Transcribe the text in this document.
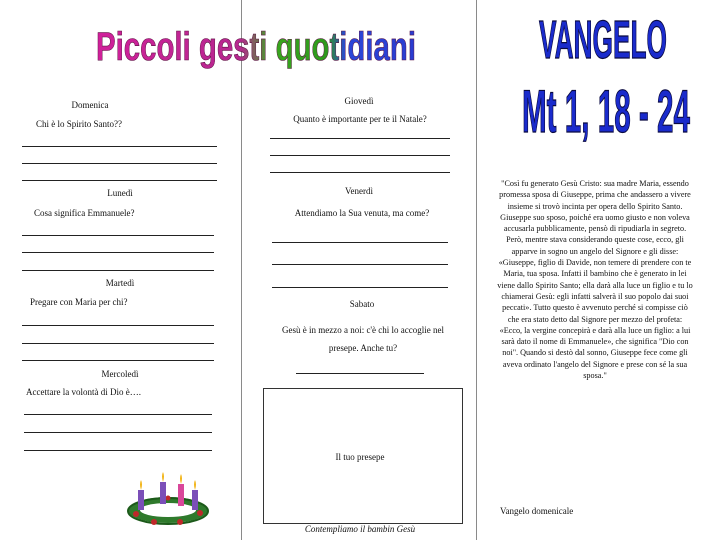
Piccoli gesti quotidiani VANGELO
Mt 1, 18 - 24
Domenica
Chi è lo Spirito Santo??
Lunedì
Cosa significa Emmanuele?
Martedì
Pregare con Maria per chi?
Mercoledì
Accettare la volontà di Dio è….
Giovedì
Quanto è importante per te il Natale?
Venerdì
Attendiamo la Sua venuta, ma come?
Sabato
Gesù è in mezzo a noi: c'è chi lo accoglie nel
presepe. Anche tu?
Il tuo presepe
Contempliamo il bambin Gesù
"Così fu generato Gesù Cristo: sua madre Maria, essendo promessa sposa di Giuseppe, prima che andassero a vivere insieme si trovò incinta per opera dello Spirito Santo. Giuseppe suo sposo, poiché era uomo giusto e non voleva accusarla pubblicamente, pensò di ripudiarla in segreto. Però, mentre stava considerando queste cose, ecco, gli apparve in sogno un angelo del Signore e gli disse: «Giuseppe, figlio di Davide, non temere di prendere con te Maria, tua sposa. Infatti il bambino che è generato in lei viene dallo Spirito Santo; ella darà alla luce un figlio e tu lo chiamerai Gesù: egli infatti salverà il suo popolo dai suoi peccati». Tutto questo è avvenuto perché si compisse ciò che era stato detto dal Signore per mezzo del profeta: «Ecco, la vergine concepirà e darà alla luce un figlio: a lui sarà dato il nome di Emmanuele», che significa "Dio con noi". Quando si destò dal sonno, Giuseppe fece come gli aveva ordinato l'angelo del Signore e prese con sé la sua sposa."
Vangelo domenicale
